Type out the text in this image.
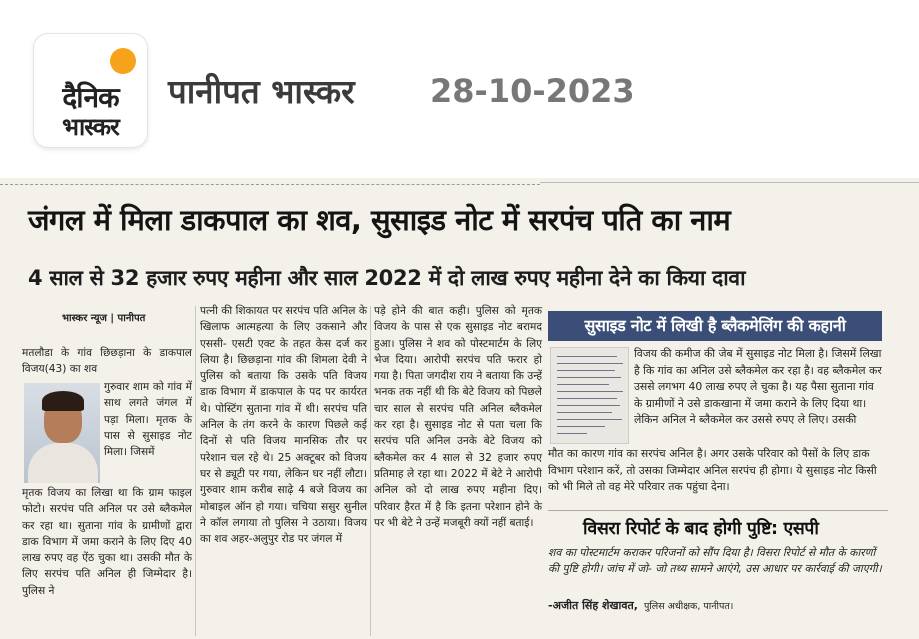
दैनिक
भास्कर
पानीपत भास्कर 28-10-2023
जंगल में मिला डाकपाल का शव, सुसाइड नोट में सरपंच पति का नाम
4 साल से 32 हजार रुपए महीना और साल 2022 में दो लाख रुपए महीना देने का किया दावा
भास्कर न्यूज | पानीपत

मतलौडा के गांव छिछड़ाना के डाकपाल विजय(43) का शव

गुरुवार शाम को गांव में साथ लगते जंगल में पड़ा मिला। मृतक के पास से सुसाइड नोट मिला। जिसमें

मृतक विजय का लिखा था कि ग्राम फाइल फोटो। सरपंच पति अनिल पर उसे ब्लैकमेल कर रहा था। सुताना गांव के ग्रामीणों द्वारा डाक विभाग में जमा कराने के लिए दिए 40 लाख रुपए वह ऐंठ चुका था। उसकी मौत के लिए सरपंच पति अनिल ही जिम्मेदार है। पुलिस ने

पत्नी की शिकायत पर सरपंच पति अनिल के खिलाफ आत्महत्या के लिए उकसाने और एससी- एसटी एक्ट के तहत केस दर्ज कर लिया है। छिछड़ाना गांव की शिमला देवी ने पुलिस को बताया कि उसके पति विजय डाक विभाग में डाकपाल के पद पर कार्यरत थे। पोस्टिंग सुताना गांव में थी। सरपंच पति अनिल के तंग करने के कारण पिछले कई दिनों से पति विजय मानसिक तौर पर परेशान चल रहे थे। 25 अक्टूबर को विजय घर से ड्यूटी पर गया, लेकिन घर नहीं लौटा। गुरुवार शाम करीब साढ़े 4 बजे विजय का मोबाइल ऑन हो गया। चचिया ससुर सुनील ने कॉल लगाया तो पुलिस ने उठाया। विजय का शव अहर-अलुपुर रोड पर जंगल में

पड़े होने की बात कही। पुलिस को मृतक विजय के पास से एक सुसाइड नोट बरामद हुआ। पुलिस ने शव को पोस्टमार्टम के लिए भेज दिया। आरोपी सरपंच पति फरार हो गया है। पिता जगदीश राय ने बताया कि उन्हें भनक तक नहीं थी कि बेटे विजय को पिछले चार साल से सरपंच पति अनिल ब्लैकमेल कर रहा है। सुसाइड नोट से पता चला कि सरपंच पति अनिल उनके बेटे विजय को ब्लैकमेल कर 4 साल से 32 हजार रुपए प्रतिमाह ले रहा था। 2022 में बेटे ने आरोपी अनिल को दो लाख रुपए महीना दिए। परिवार हैरत में है कि इतना परेशान होने के पर भी बेटे ने उन्हें मजबूरी क्यों नहीं बताई।

सुसाइड नोट में लिखी है ब्लैकमेलिंग की कहानी

विजय की कमीज की जेब में सुसाइड नोट मिला है। जिसमें लिखा है कि गांव का अनिल उसे ब्लैकमेल कर रहा है। वह ब्लैकमेल कर उससे लगभग 40 लाख रुपए ले चुका है। यह पैसा सुताना गांव के ग्रामीणों ने उसे डाकखाना में जमा कराने के लिए दिया था। लेकिन अनिल ने ब्लैकमेल कर उससे रुपए ले लिए। उसकी

मौत का कारण गांव का सरपंच अनिल है। अगर उसके परिवार को पैसों के लिए डाक विभाग परेशान करें, तो उसका जिम्मेदार अनिल सरपंच ही होगा। ये सुसाइड नोट किसी को भी मिले तो वह मेरे परिवार तक पहुंचा देना।

विसरा रिपोर्ट के बाद होगी पुष्टि: एसपी

शव का पोस्टमार्टम कराकर परिजनों को सौंप दिया है। विसरा रिपोर्ट से मौत के कारणों की पुष्टि होगी। जांच में जो- जो तथ्य सामने आएंगे, उस आधार पर कार्रवाई की जाएगी।

-अजीत सिंह शेखावत, पुलिस अधीक्षक, पानीपत।
